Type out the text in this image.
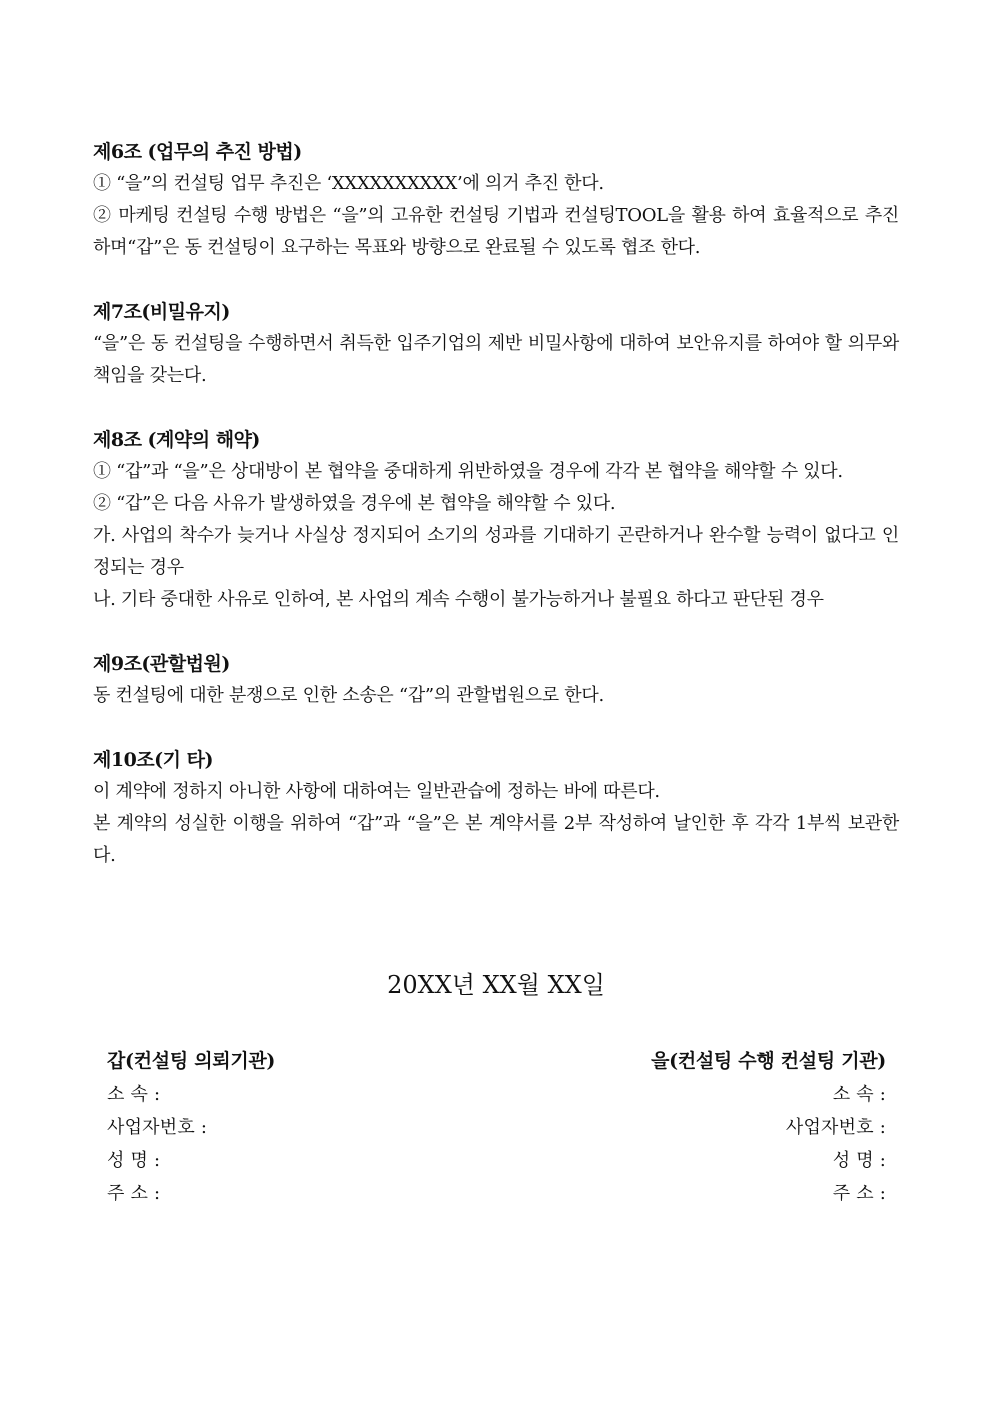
제6조 (업무의 추진 방법)
① “을”의 컨설팅 업무 추진은 ‘XXXXXXXXXX’에 의거 추진 한다.
② 마케팅 컨설팅 수행 방법은 “을”의 고유한 컨설팅 기법과 컨설팅TOOL을 활용 하여 효율적으로 추진하며“갑”은 동 컨설팅이 요구하는 목표와 방향으로 완료될 수 있도록 협조 한다.
제7조(비밀유지)
“을”은 동 컨설팅을 수행하면서 취득한 입주기업의 제반 비밀사항에 대하여 보안유지를 하여야 할 의무와 책임을 갖는다.
제8조 (계약의 해약)
① “갑”과 “을”은 상대방이 본 협약을 중대하게 위반하였을 경우에 각각 본 협약을 해약할 수 있다.
② “갑”은 다음 사유가 발생하였을 경우에 본 협약을 해약할 수 있다.
가. 사업의 착수가 늦거나 사실상 정지되어 소기의 성과를 기대하기 곤란하거나 완수할 능력이 없다고 인정되는 경우
나. 기타 중대한 사유로 인하여, 본 사업의 계속 수행이 불가능하거나 불필요 하다고 판단된 경우
제9조(관할법원)
동 컨설팅에 대한 분쟁으로 인한 소송은 “갑”의 관할법원으로 한다.
제10조(기 타)
이 계약에 정하지 아니한 사항에 대하여는 일반관습에 정하는 바에 따른다.
본 계약의 성실한 이행을 위하여 “갑”과 “을”은 본 계약서를 2부 작성하여 날인한 후 각각 1부씩 보관한다.
20XX년 XX월 XX일
갑(컨설팅 의뢰기관)
소 속 :
사업자번호 :
성 명 :
주 소 :
을(컨설팅 수행 컨설팅 기관)
소 속 :
사업자번호 :
성 명 :
주 소 :
